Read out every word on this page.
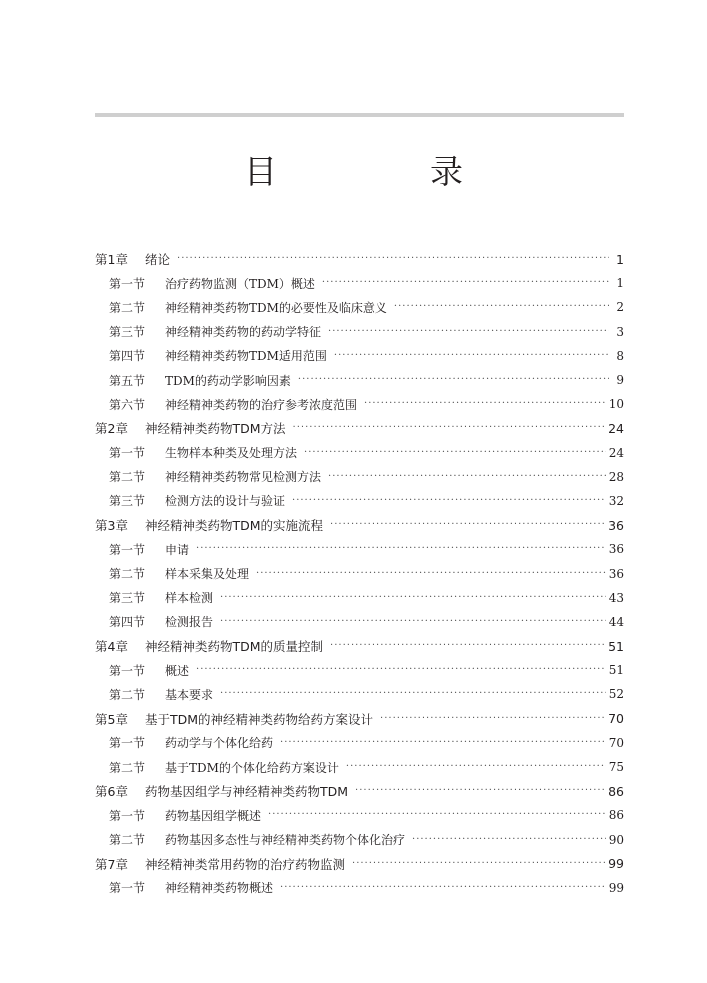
目　录
第1章	绪论 ·····	1
第一节	治疗药物监测（TDM）概述 ·····	1
第二节	神经精神类药物TDM的必要性及临床意义 ·····	2
第三节	神经精神类药物的药动学特征 ·····	3
第四节	神经精神类药物TDM适用范围 ·····	8
第五节	TDM的药动学影响因素 ·····	9
第六节	神经精神类药物的治疗参考浓度范围 ·····	10
第2章	神经精神类药物TDM方法 ·····	24
第一节	生物样本种类及处理方法 ·····	24
第二节	神经精神类药物常见检测方法 ·····	28
第三节	检测方法的设计与验证 ·····	32
第3章	神经精神类药物TDM的实施流程 ·····	36
第一节	申请 ·····	36
第二节	样本采集及处理 ·····	36
第三节	样本检测 ·····	43
第四节	检测报告 ·····	44
第4章	神经精神类药物TDM的质量控制 ·····	51
第一节	概述 ·····	51
第二节	基本要求 ·····	52
第5章	基于TDM的神经精神类药物给药方案设计 ·····	70
第一节	药动学与个体化给药 ·····	70
第二节	基于TDM的个体化给药方案设计 ·····	75
第6章	药物基因组学与神经精神类药物TDM ·····	86
第一节	药物基因组学概述 ·····	86
第二节	药物基因多态性与神经精神类药物个体化治疗 ·····	90
第7章	神经精神类常用药物的治疗药物监测 ·····	99
第一节	神经精神类药物概述 ·····	99
